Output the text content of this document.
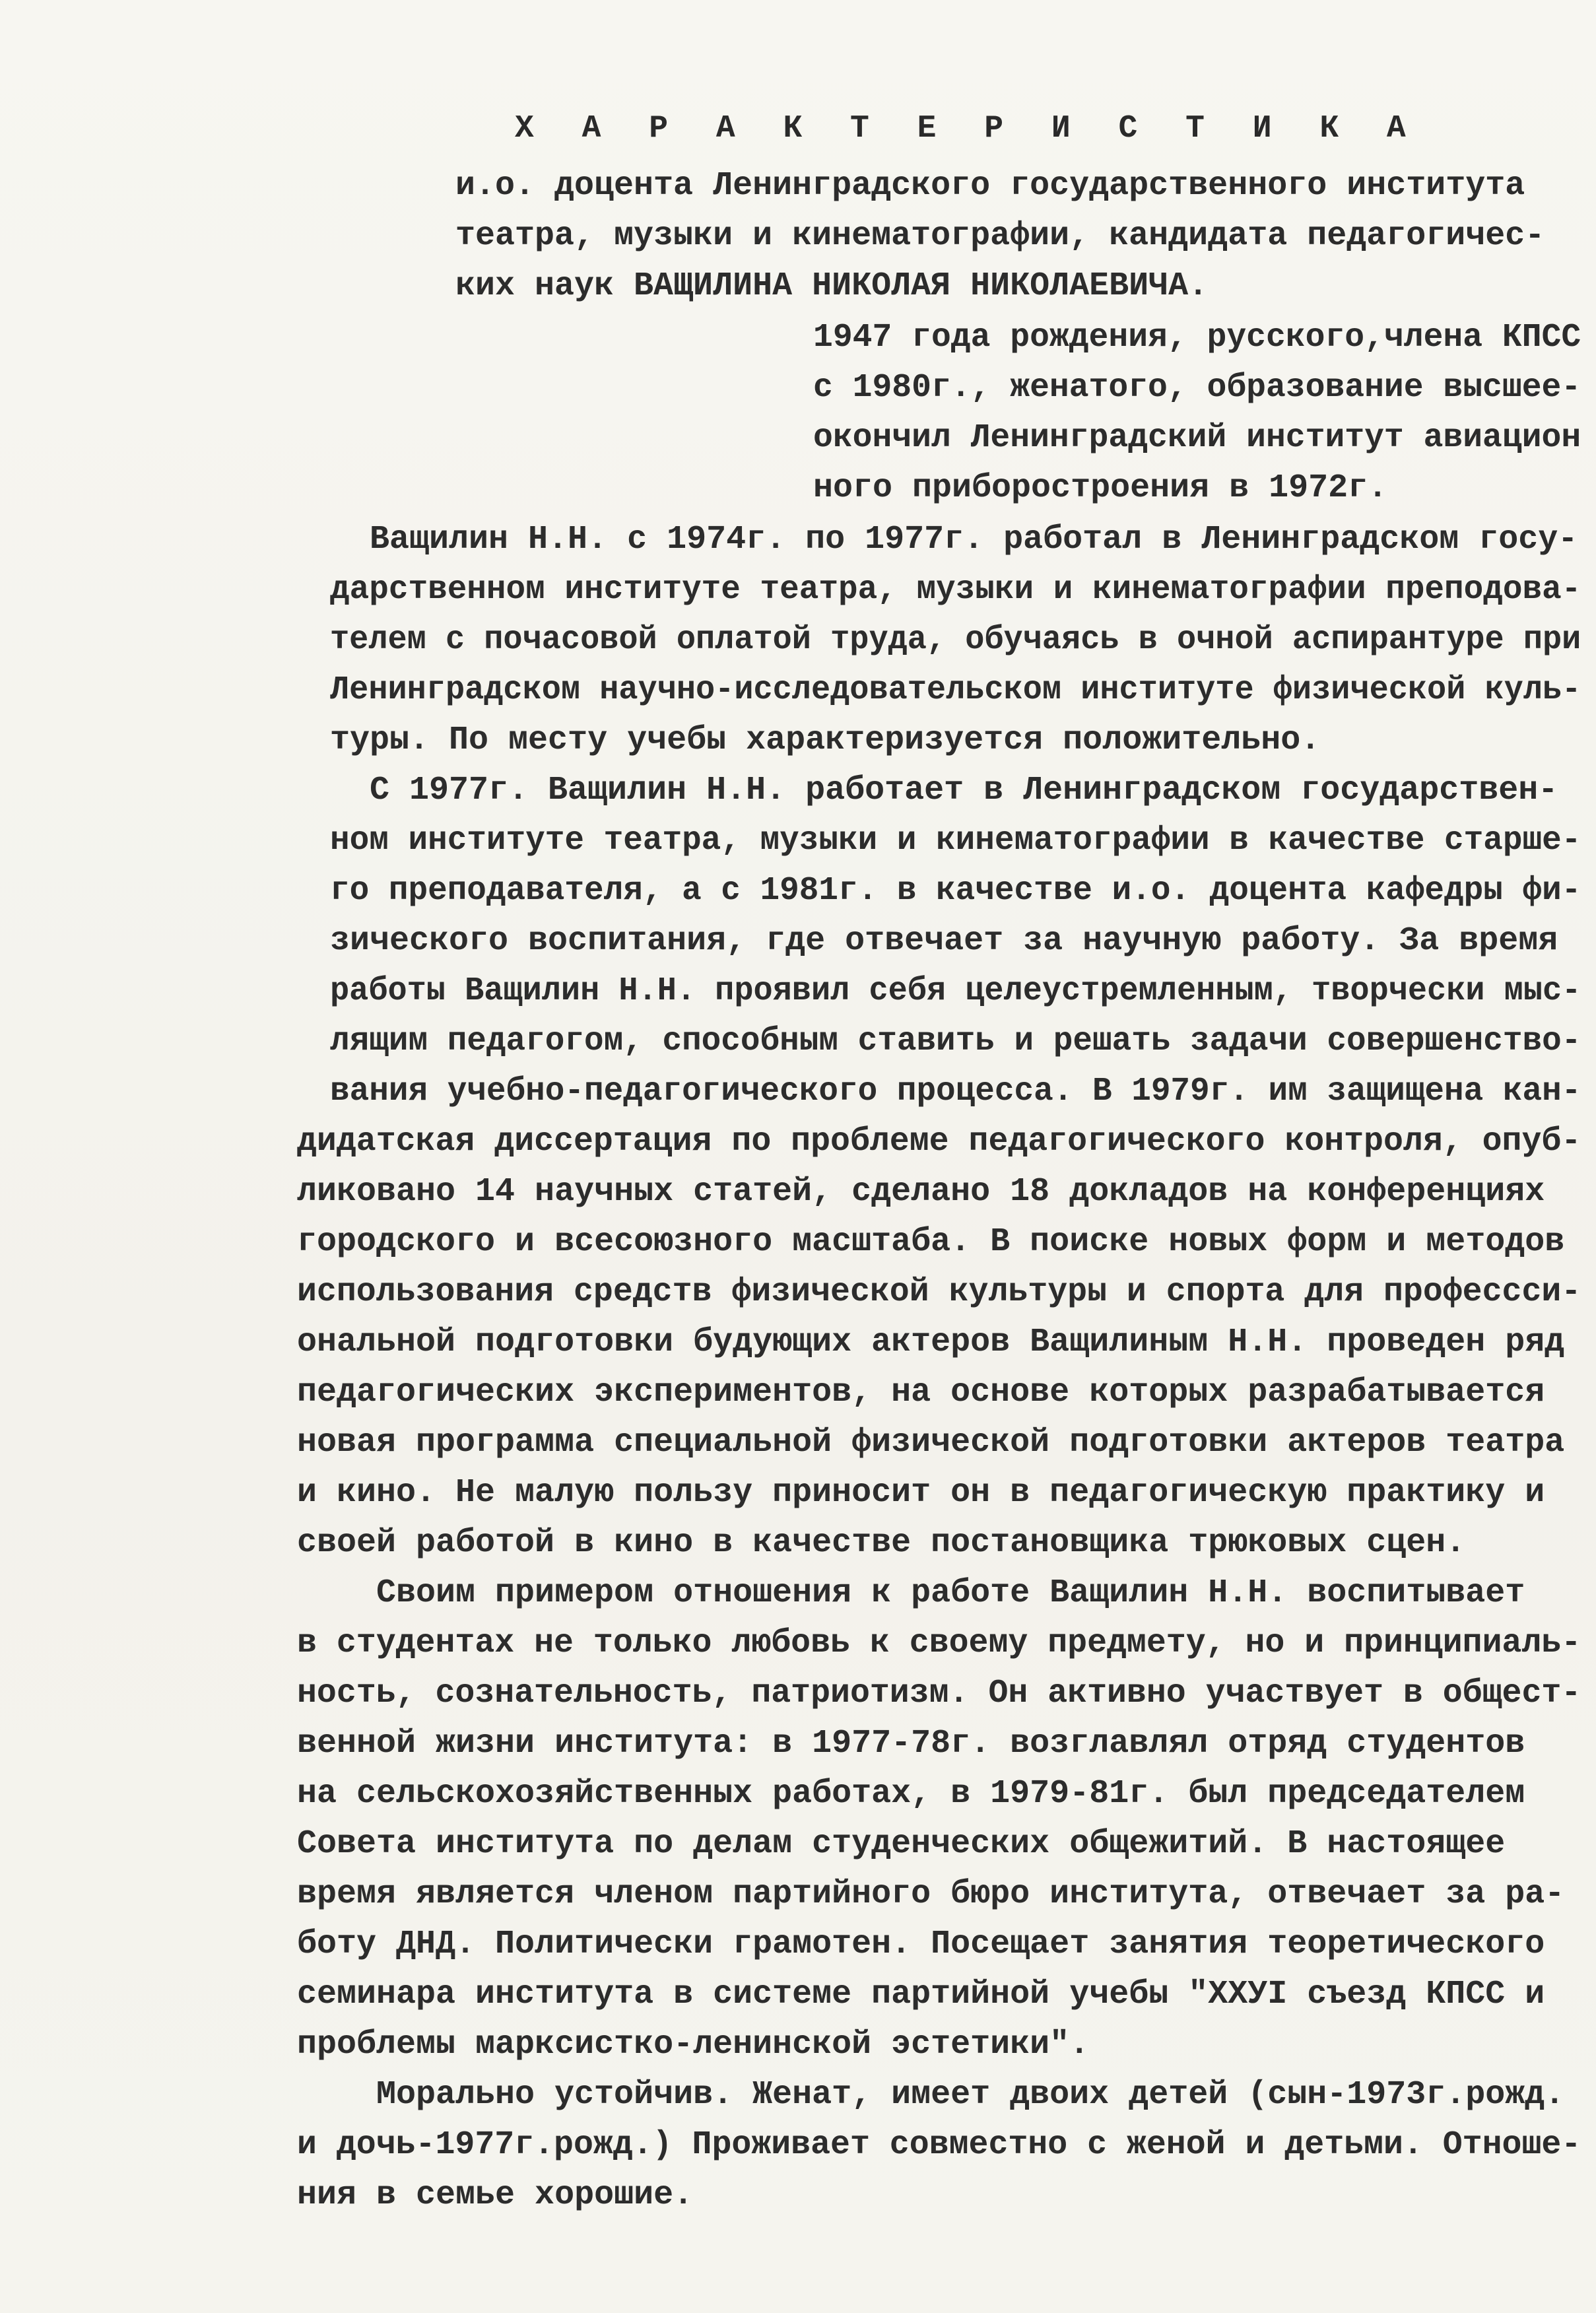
Х А Р А К Т Е Р И С Т И К А
и.о. доцента Ленинградского государственного института
театра, музыки и кинематографии, кандидата педагогичес-
ких наук ВАЩИЛИНА НИКОЛАЯ НИКОЛАЕВИЧА.
1947 года рождения, русского,члена КПСС
с 1980г., женатого, образование высшее-
окончил Ленинградский институт авиацион
ного приборостроения в 1972г.
Ващилин Н.Н. с 1974г. по 1977г. работал в Ленинградском госу-
дарственном институте театра, музыки и кинематографии преподова-
телем с почасовой оплатой труда, обучаясь в очной аспирантуре при
Ленинградском научно-исследовательском институте физической куль-
туры. По месту учебы характеризуется положительно.
С 1977г. Ващилин Н.Н. работает в Ленинградском государствен-
ном институте театра, музыки и кинематографии в качестве старше-
го преподавателя, а с 1981г. в качестве и.о. доцента кафедры фи-
зического воспитания, где отвечает за научную работу. За время
работы Ващилин Н.Н. проявил себя целеустремленным, творчески мыс-
лящим педагогом, способным ставить и решать задачи совершенство-
вания учебно-педагогического процесса. В 1979г. им защищена кан-
дидатская диссертация по проблеме педагогического контроля, опуб-
ликовано 14 научных статей, сделано 18 докладов на конференциях
городского и всесоюзного масштаба. В поиске новых форм и методов
использования средств физической культуры и спорта для профессси-
ональной подготовки будующих актеров Ващилиным Н.Н. проведен ряд
педагогических экспериментов, на основе которых разрабатывается
новая программа специальной физической подготовки актеров театра
и кино. Не малую пользу приносит он в педагогическую практику и
своей работой в кино в качестве постановщика трюковых сцен.
Своим примером отношения к работе Ващилин Н.Н. воспитывает
в студентах не только любовь к своему предмету, но и принципиаль-
ность, сознательность, патриотизм. Он активно участвует в общест-
венной жизни института: в 1977-78г. возглавлял отряд студентов
на сельскохозяйственных работах, в 1979-81г. был председателем
Совета института по делам студенческих общежитий. В настоящее
время является членом партийного бюро института, отвечает за ра-
боту ДНД. Политически грамотен. Посещает занятия теоретического
семинара института в системе партийной учебы "ХХУI съезд КПСС и
проблемы марксистко-ленинской эстетики".
Морально устойчив. Женат, имеет двоих детей (сын-1973г.рожд.
и дочь-1977г.рожд.) Проживает совместно с женой и детьми. Отноше-
ния в семье хорошие.
